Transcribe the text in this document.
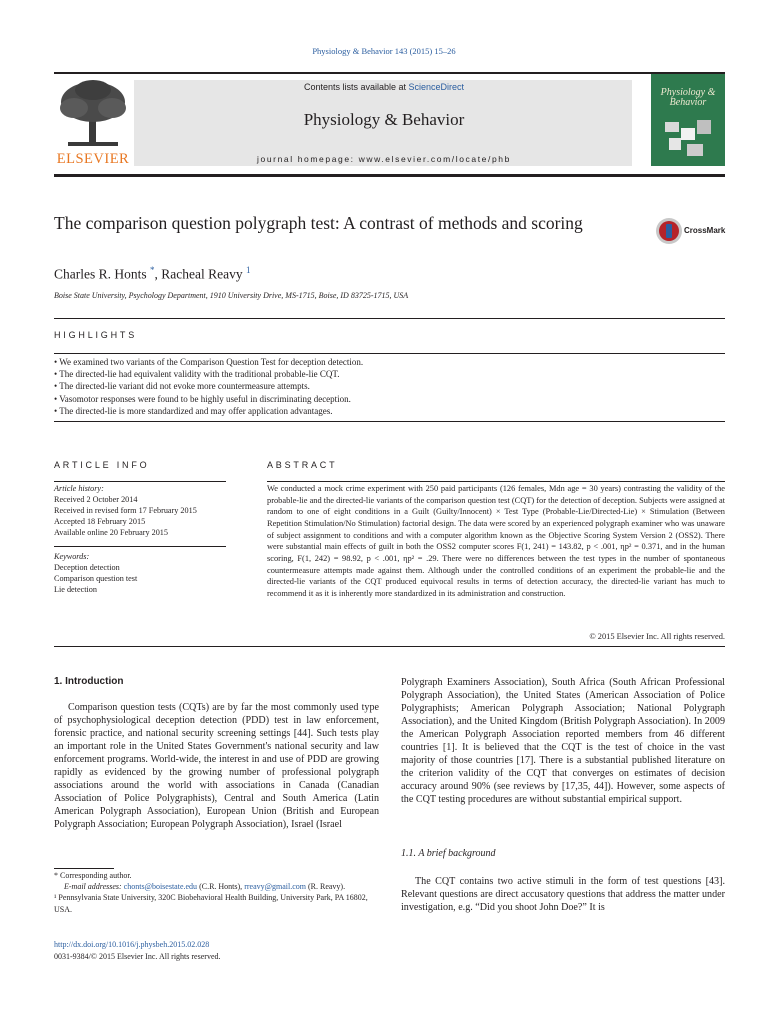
Physiology & Behavior 143 (2015) 15–26
ELSEVIER
Contents lists available at ScienceDirect
Physiology & Behavior
journal homepage: www.elsevier.com/locate/phb
Physiology & Behavior
The comparison question polygraph test: A contrast of methods and scoring	CrossMark
Charles R. Honts *, Racheal Reavy $^1$
Boise State University, Psychology Department, 1910 University Drive, MS-1715, Boise, ID 83725-1715, USA
HIGHLIGHTS
• We examined two variants of the Comparison Question Test for deception detection.
• The directed-lie had equivalent validity with the traditional probable-lie CQT.
• The directed-lie variant did not evoke more countermeasure attempts.
• Vasomotor responses were found to be highly useful in discriminating deception.
• The directed-lie is more standardized and may offer application advantages.
ARTICLE INFO	ABSTRACT
Article history:
Received 2 October 2014
Received in revised form 17 February 2015
Accepted 18 February 2015
Available online 20 February 2015
Keywords:
Deception detection
Comparison question test
Lie detection
We conducted a mock crime experiment with 250 paid participants (126 females, Mdn age = 30 years) contrasting the validity of the probable-lie and the directed-lie variants of the comparison question test (CQT) for the detection of deception. Subjects were assigned at random to one of eight conditions in a Guilt (Guilty/Innocent) × Test Type (Probable-Lie/Directed-Lie) × Stimulation (Between Repetition Stimulation/No Stimulation) factorial design. The data were scored by an experienced polygraph examiner who was unaware of subject assignment to conditions and with a computer algorithm known as the Objective Scoring System Version 2 (OSS2). There were substantial main effects of guilt in both the OSS2 computer scores F(1, 241) = 143.82, p < .001, ηp² = 0.371, and in the human scoring, F(1, 242) = 98.92, p < .001, ηp² = .29. There were no differences between the test types in the number of spontaneous countermeasure attempts made against them. Although under the controlled conditions of an experiment the probable-lie and the directed-lie variants of the CQT produced equivocal results in terms of detection accuracy, the directed-lie variant has much to recommend it as it is inherently more standardized in its administration and construction.
© 2015 Elsevier Inc. All rights reserved.
1. Introduction

Comparison question tests (CQTs) are by far the most commonly used type of psychophysiological deception detection (PDD) test in law enforcement, forensic practice, and national security screening settings [44]. Such tests play an important role in the United States Government's national security and law enforcement programs. World-wide, the interest in and use of PDD are growing rapidly as evidenced by the growing number of professional polygraph associations around the world with associations in Canada (Canadian Association of Police Polygraphists), Central and South America (Latin American Polygraph Association), European Union (British and European Polygraph Association; European Polygraph Association), Israel (Israel

Polygraph Examiners Association), South Africa (South African Professional Polygraph Association), the United States (American Association of Police Polygraphists; American Polygraph Association; National Polygraph Association), and the United Kingdom (British Polygraph Association). In 2009 the American Polygraph Association reported members from 46 different countries [1]. It is believed that the CQT is the test of choice in the vast majority of those countries [17]. There is a substantial published literature on the criterion validity of the CQT that converges on estimates of decision accuracy around 90% (see reviews by [17,35, 44]). However, some aspects of the CQT testing procedures are without substantial empirical support.

1.1. A brief background

The CQT contains two active stimuli in the form of test questions [43]. Relevant questions are direct accusatory questions that address the matter under investigation, e.g. “Did you shoot John Doe?” It is

* Corresponding author.
E-mail addresses: chonts@boisestate.edu (C.R. Honts), rreavy@gmail.com (R. Reavy).
¹ Pennsylvania State University, 320C Biobehavioral Health Building, University Park, PA 16802, USA.
http://dx.doi.org/10.1016/j.physbeh.2015.02.028
0031-9384/© 2015 Elsevier Inc. All rights reserved.
